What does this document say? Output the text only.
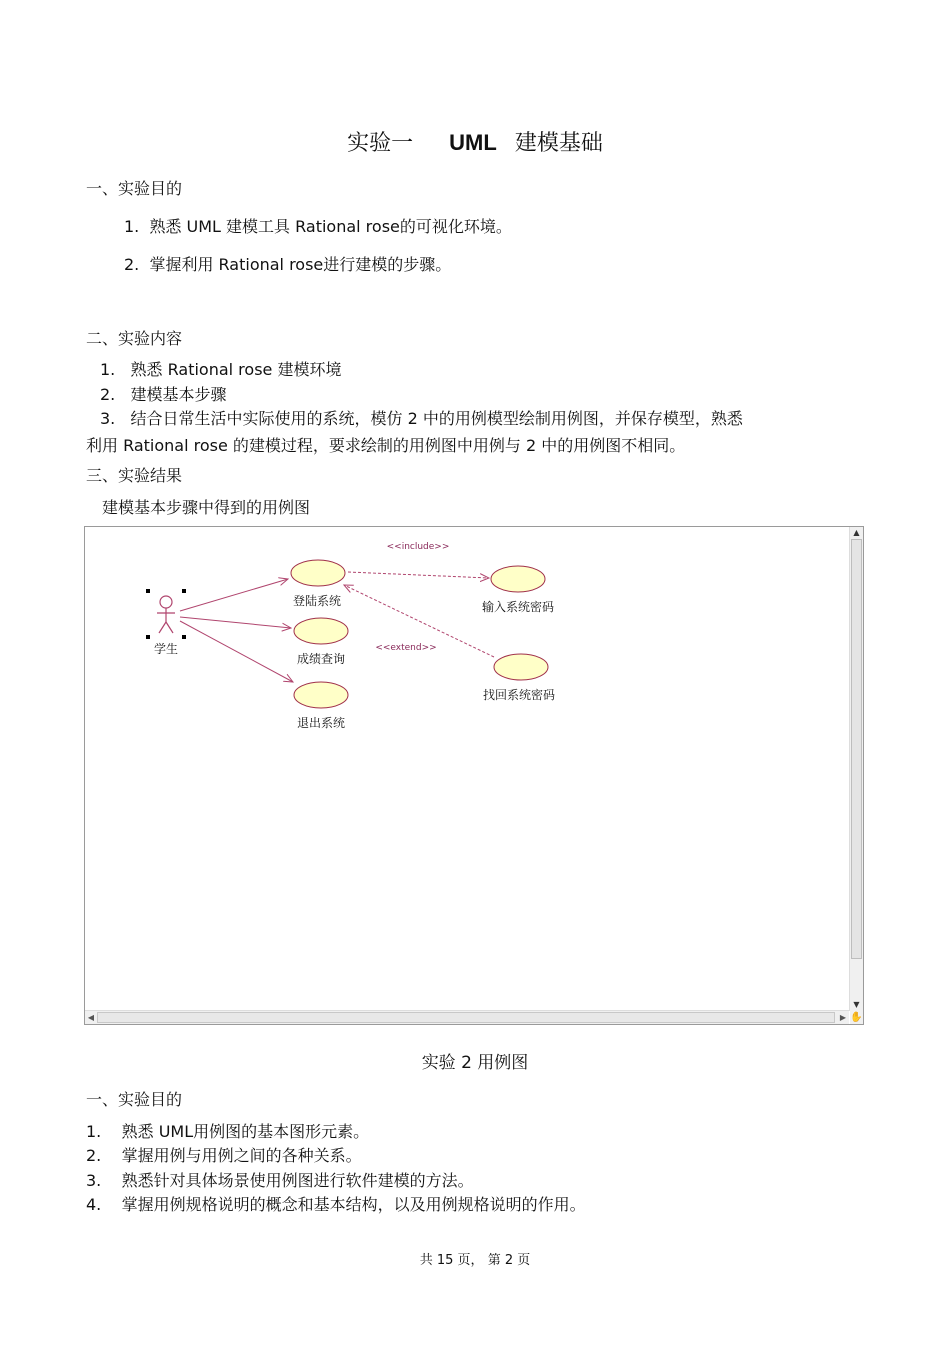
实验一 UML 建模基础
一、实验目的
1. 熟悉 UML 建模工具 Rational rose的可视化环境。
2. 掌握利用 Rational rose进行建模的步骤。
二、实验内容
1. 熟悉 Rational rose 建模环境
2. 建模基本步骤
3. 结合日常生活中实际使用的系统，模仿 2 中的用例模型绘制用例图，并保存模型，熟悉
利用 Rational rose 的建模过程，要求绘制的用例图中用例与 2 中的用例图不相同。
三、实验结果
建模基本步骤中得到的用例图
学生
<<include>>
<<extend>>
登陆系统
成绩查询
退出系统
输入系统密码
找回系统密码
▲
▼
◀	▶ ✋
实验 2 用例图
一、实验目的
1. 熟悉 UML用例图的基本图形元素。
2. 掌握用例与用例之间的各种关系。
3. 熟悉针对具体场景使用例图进行软件建模的方法。
4. 掌握用例规格说明的概念和基本结构，以及用例规格说明的作用。
共 15 页， 第 2 页
